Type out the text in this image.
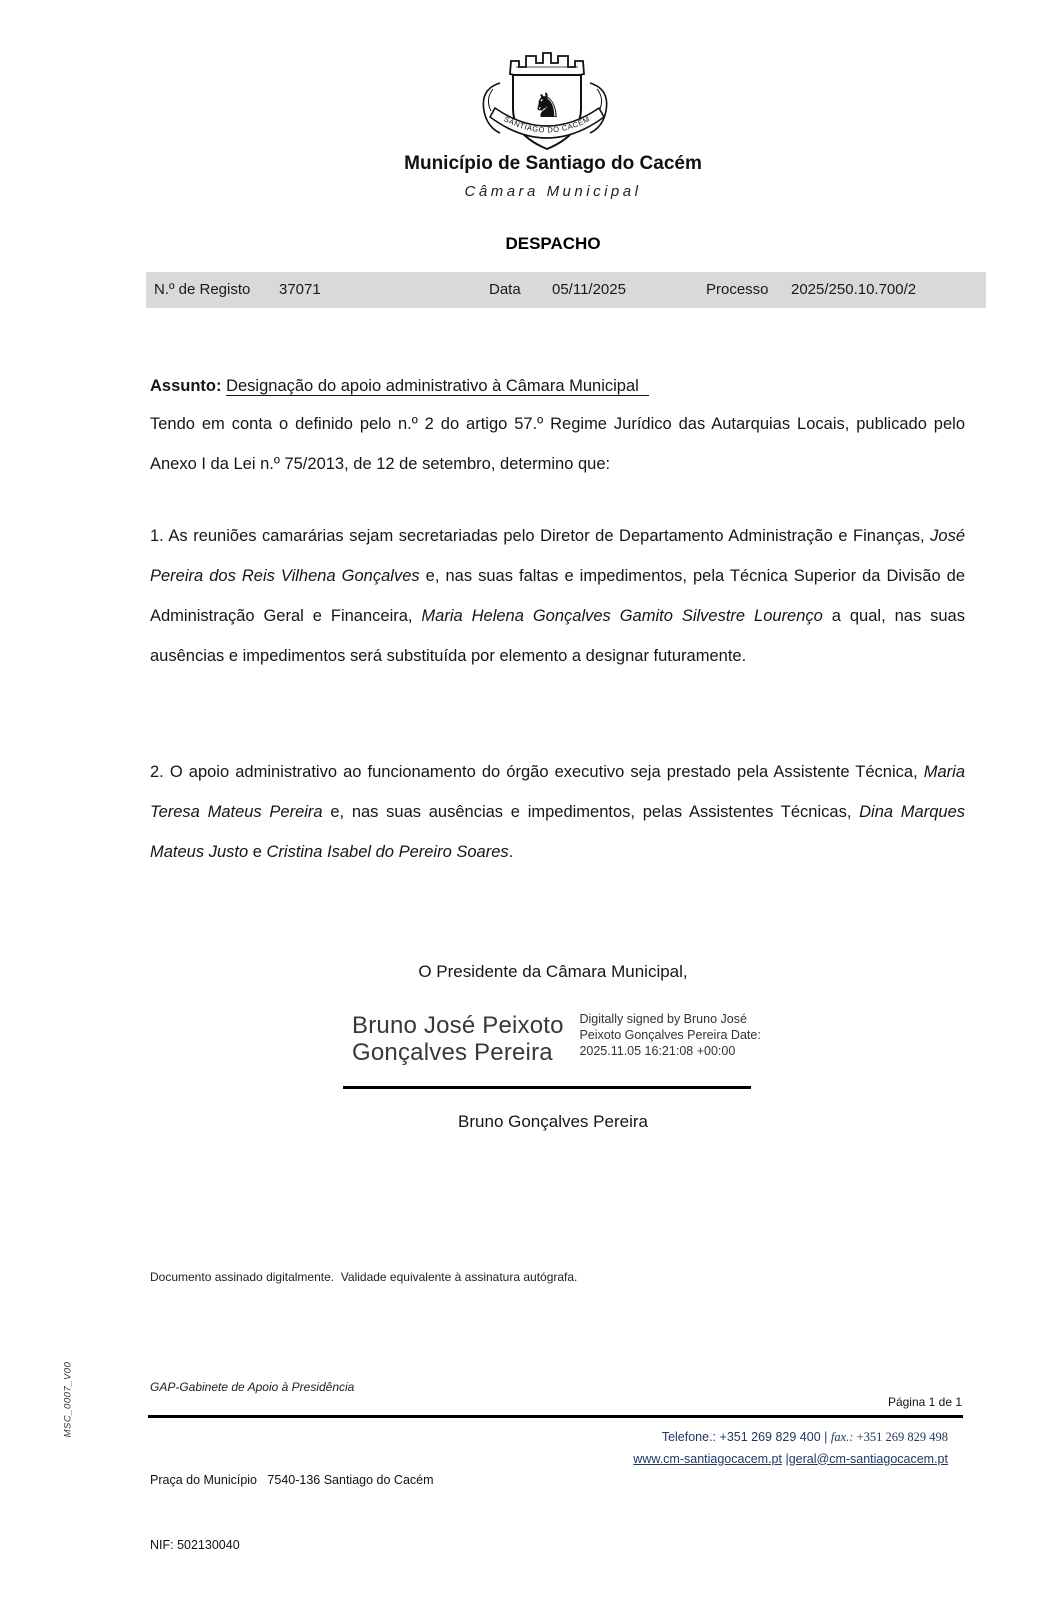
♞
SANTIAGO DO CACÉM
Município de Santiago do Cacém
Câmara Municipal
DESPACHO
N.º de Registo 37071	Data 05/11/2025	Processo 2025/250.10.700/2
Assunto: Designação do apoio administrativo à Câmara Municipal
Tendo em conta o definido pelo n.º 2 do artigo 57.º Regime Jurídico das Autarquias Locais, publicado pelo Anexo I da Lei n.º 75/2013, de 12 de setembro, determino que:
1. As reuniões camarárias sejam secretariadas pelo Diretor de Departamento Administração e Finanças, José Pereira dos Reis Vilhena Gonçalves e, nas suas faltas e impedimentos, pela Técnica Superior da Divisão de Administração Geral e Financeira, Maria Helena Gonçalves Gamito Silvestre Lourenço a qual, nas suas ausências e impedimentos será substituída por elemento a designar futuramente.
2. O apoio administrativo ao funcionamento do órgão executivo seja prestado pela Assistente Técnica, Maria Teresa Mateus Pereira e, nas suas ausências e impedimentos, pelas Assistentes Técnicas, Dina Marques Mateus Justo e Cristina Isabel do Pereiro Soares.
O Presidente da Câmara Municipal,
Bruno José Peixoto Gonçalves Pereira
Digitally signed by Bruno José Peixoto Gonçalves Pereira Date: 2025.11.05 16:21:08 +00:00
Bruno Gonçalves Pereira
Documento assinado digitalmente.  Validade equivalente à assinatura autógrafa.
GAP-Gabinete de Apoio à Presidência
Página 1 de 1

Praça do Município   7540-136 Santiago do Cacém

NIF: 502130040

Telefone.: +351 269 829 400 | fax.: +351 269 829 498
www.cm-santiagocacem.pt |geral@cm-santiagocacem.pt
MSC_0007_V00
